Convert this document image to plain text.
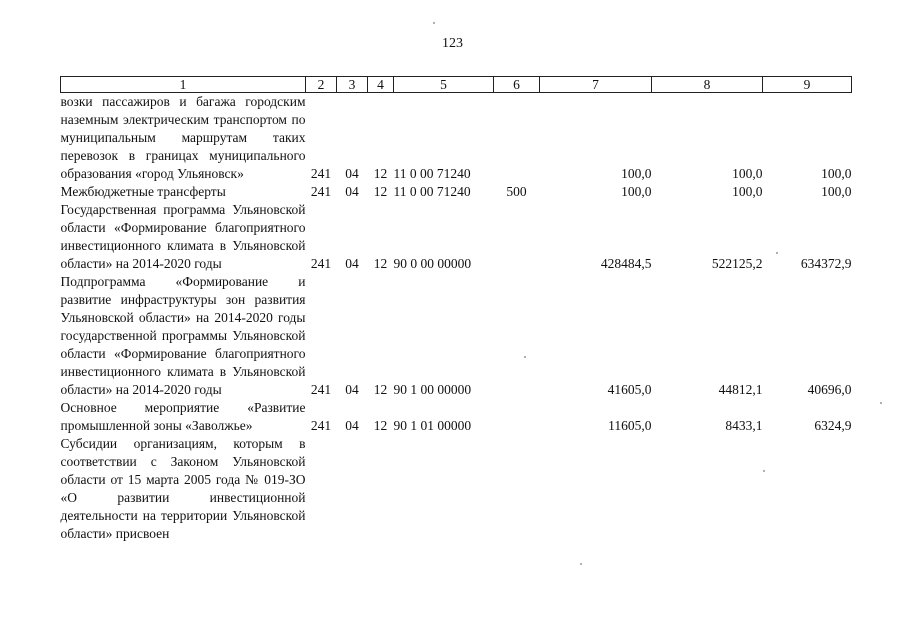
123
1	2	3	4	5	6	7	8	9
возки пассажиров и багажа городским наземным электрическим транспортом по муниципальным маршрутам таких перевозок в границах муниципального образования «город Ульяновск»	241	04	12	11 0 00 71240		100,0	100,0	100,0
Межбюджетные трансферты	241	04	12	11 0 00 71240	500	100,0	100,0	100,0
Государственная программа Ульяновской области «Формирование благоприятного инвестиционного климата в Ульяновской области» на 2014-2020 годы	241	04	12	90 0 00 00000		428484,5	522125,2	634372,9
Подпрограмма «Формирование и развитие инфраструктуры зон развития Ульяновской области» на 2014-2020 годы государственной программы Ульяновской области «Формирование благоприятного инвестиционного климата в Ульяновской области» на 2014-2020 годы	241	04	12	90 1 00 00000		41605,0	44812,1	40696,0
Основное мероприятие «Развитие промышленной зоны «Заволжье»	241	04	12	90 1 01 00000		11605,0	8433,1	6324,9
Субсидии организациям, которым в соответствии с Законом Ульяновской области от 15 марта 2005 года № 019-ЗО «О развитии инвестиционной деятельности на территории Ульяновской области» присвоен								
